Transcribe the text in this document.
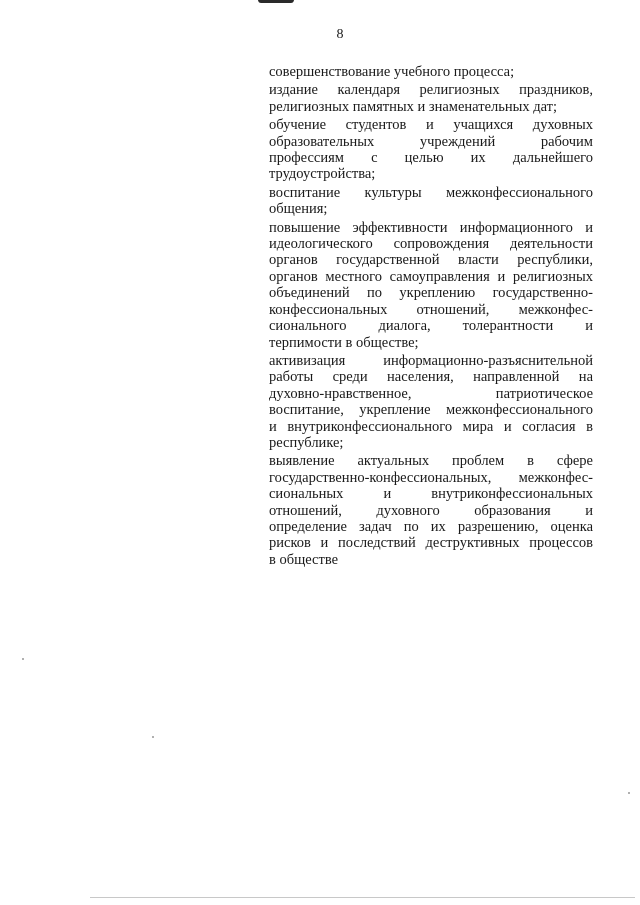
8
совершенствование учебного процесса;
издание календаря религиозных праздников,
религиозных памятных и знаменательных дат;
обучение студентов и учащихся духовных
образовательных учреждений рабочим
профессиям с целью их дальнейшего
трудоустройства;
воспитание культуры межконфессионального
общения;
повышение эффективности информационного и
идеологического сопровождения деятельности
органов государственной власти республики,
органов местного самоуправления и религиозных
объединений по укреплению государственно-
конфессиональных отношений, межконфес-
сионального диалога, толерантности и
терпимости в обществе;
активизация информационно-разъяснительной
работы среди населения, направленной на
духовно-нравственное, патриотическое
воспитание, укрепление межконфессионального
и внутриконфессионального мира и согласия в
республике;
выявление актуальных проблем в сфере
государственно-конфессиональных, межконфес-
сиональных и внутриконфессиональных
отношений, духовного образования и
определение задач по их разрешению, оценка
рисков и последствий деструктивных процессов
в обществе
